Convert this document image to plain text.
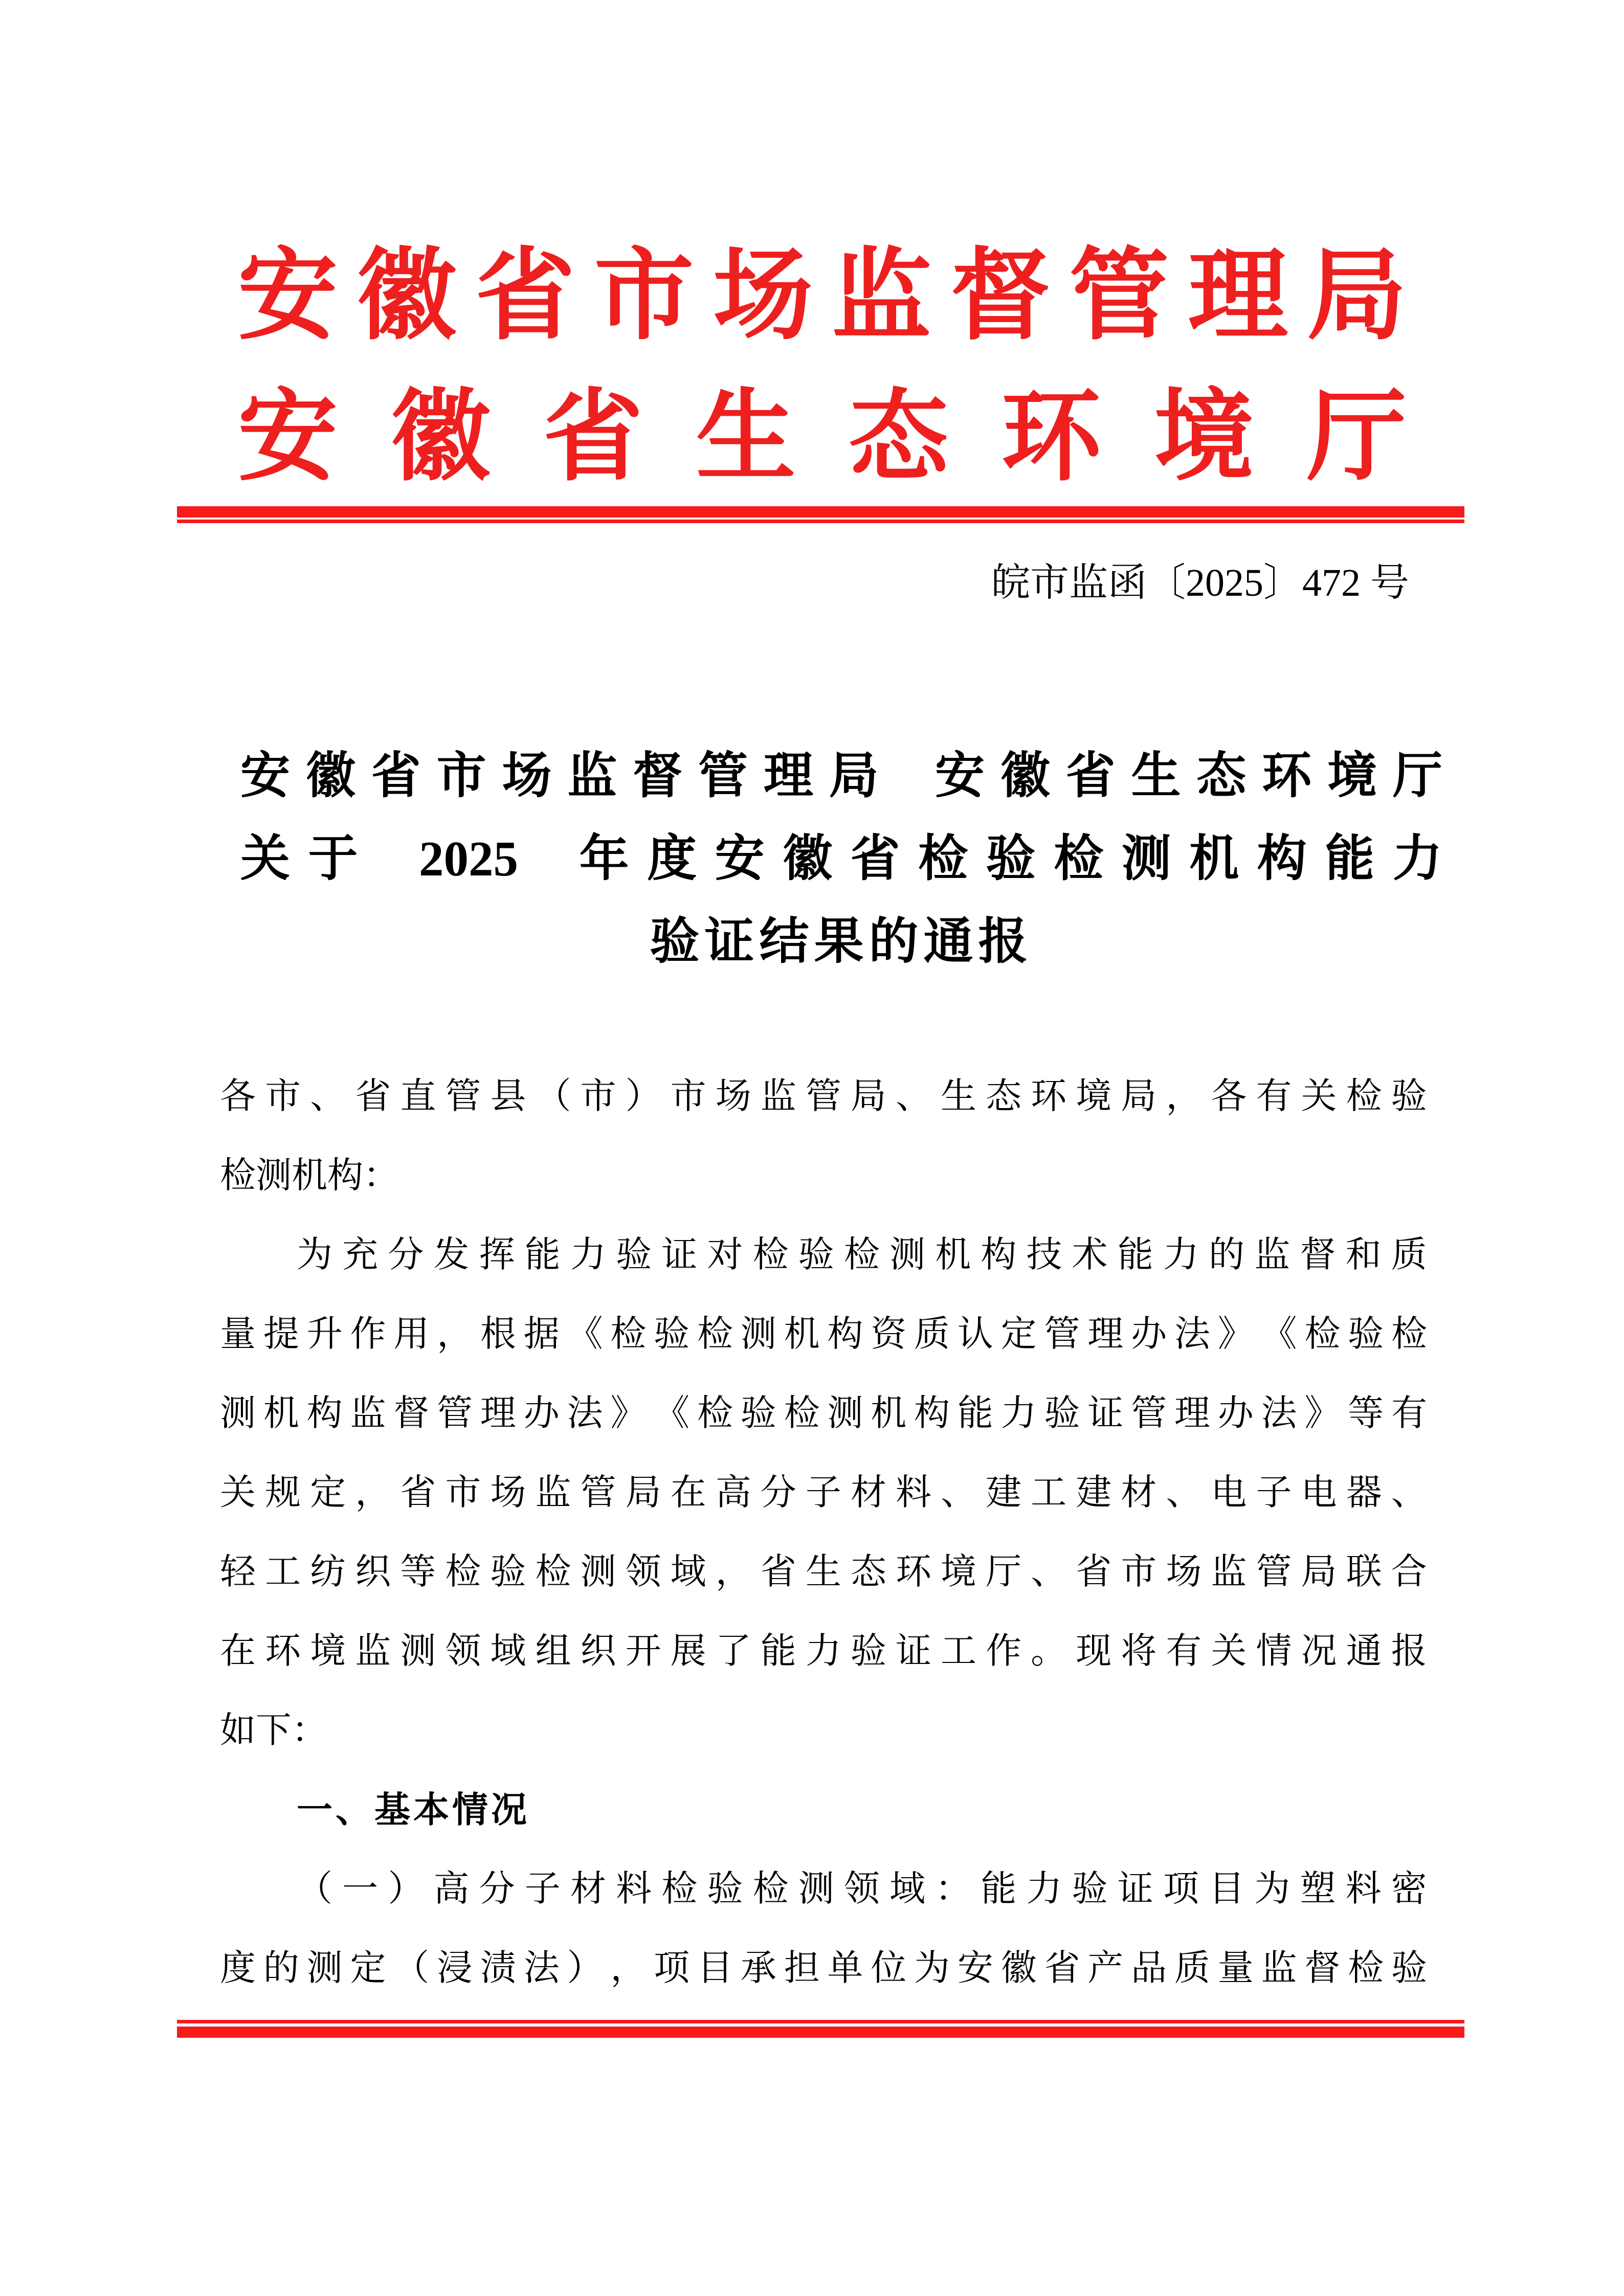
安 徽 省 市 场 监 督 管 理 局
安 徽 省 生 态 环 境 厅
皖市监函〔2025〕472 号
安 徽 省 市 场 监 督 管 理 局
安 徽 省 生 态 环 境 厅
关 于
2025
年 度 安 徽 省 检 验 检 测 机 构 能 力
验证结果的通报
各 市 、 省 直 管 县 （ 市 ） 市 场 监 管 局 、 生 态 环 境 局 ， 各 有 关 检 验
检测机构：
为 充 分 发 挥 能 力 验 证 对 检 验 检 测 机 构 技 术 能 力 的 监 督 和 质
量 提 升 作 用 ， 根 据 《 检 验 检 测 机 构 资 质 认 定 管 理 办 法 》 《 检 验 检
测 机 构 监 督 管 理 办 法 》 《 检 验 检 测 机 构 能 力 验 证 管 理 办 法 》 等 有
关 规 定 ， 省 市 场 监 管 局 在 高 分 子 材 料 、 建 工 建 材 、 电 子 电 器 、
轻 工 纺 织 等 检 验 检 测 领 域 ， 省 生 态 环 境 厅 、 省 市 场 监 管 局 联 合
在 环 境 监 测 领 域 组 织 开 展 了 能 力 验 证 工 作 。 现 将 有 关 情 况 通 报
如下：
一、基本情况
（ 一 ） 高 分 子 材 料 检 验 检 测 领 域 ： 能 力 验 证 项 目 为 塑 料 密
度 的 测 定 （ 浸 渍 法 ） ， 项 目 承 担 单 位 为 安 徽 省 产 品 质 量 监 督 检 验
